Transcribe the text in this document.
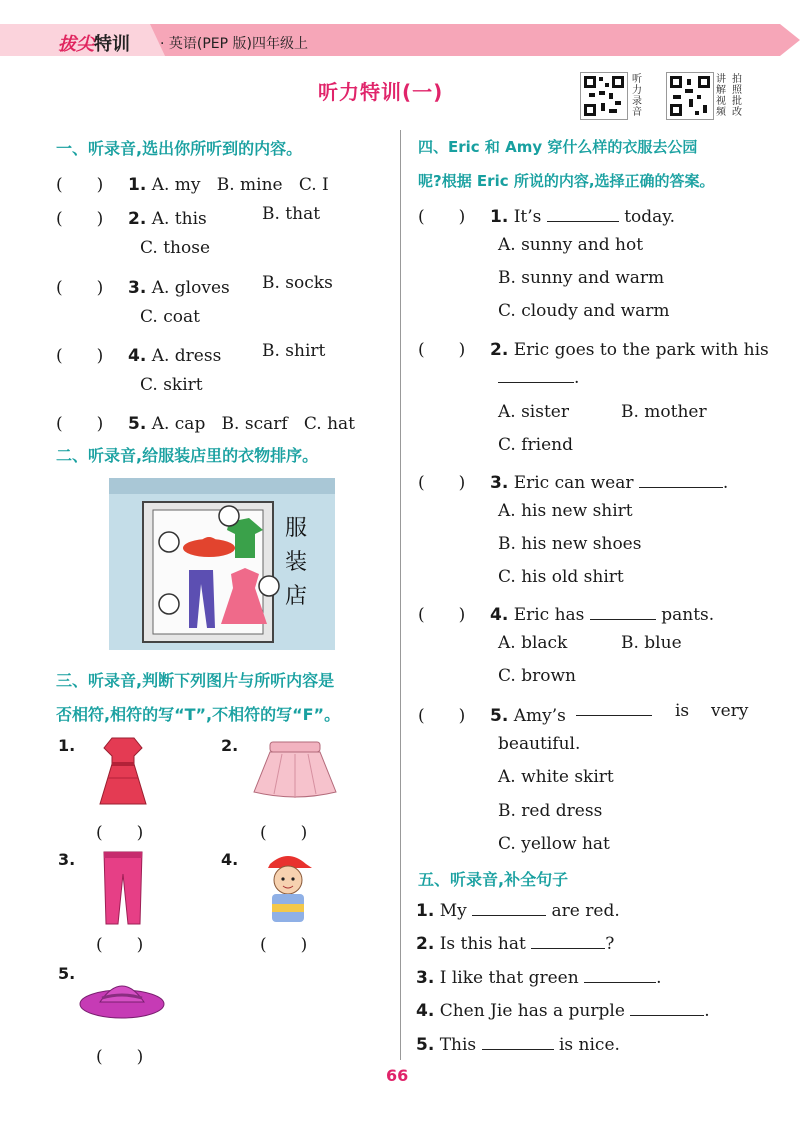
拔尖特训 · 英语(PEP 版)四年级上
听力特训(一)
听力录音
讲解视频
拍照批改
一、听录音,选出你所听到的内容。
(　　) 1. A. my B. mine C. I
(　　) 2. A. this	B. that
C. those
(　　) 3. A. gloves B. socks
C. coat
(　　) 4. A. dress B. shirt
C. skirt
(　　) 5. A. cap B. scarf C. hat
二、听录音,给服装店里的衣物排序。
服
装
店
三、听录音,判断下列图片与所听内容是
否相符,相符的写“T”,不相符的写“F”。
1.
(　　)
2.
(　　)
3.
(　　)
4.
(　　)
5.
(　　)
四、Eric 和 Amy 穿什么样的衣服去公园
呢?根据 Eric 所说的内容,选择正确的答案。
(　　) 1. It’s	today.
A. sunny and hot
B. sunny and warm
C. cloudy and warm
(　　) 2. Eric goes to the park with his
.
A. sister	B. mother
C. friend
(　　) 3. Eric can wear	.
A. his new shirt
B. his new shoes
C. his old shirt
(　　) 4. Eric has	pants.
A. black	B. blue
C. brown
(　　) 5. Amy’s	is very
beautiful.
A. white skirt
B. red dress
C. yellow hat
五、听录音,补全句子
1. My	are red.
2. Is this hat	?
3. I like that green	.
4. Chen Jie has a purple	.
5. This	is nice.
66
